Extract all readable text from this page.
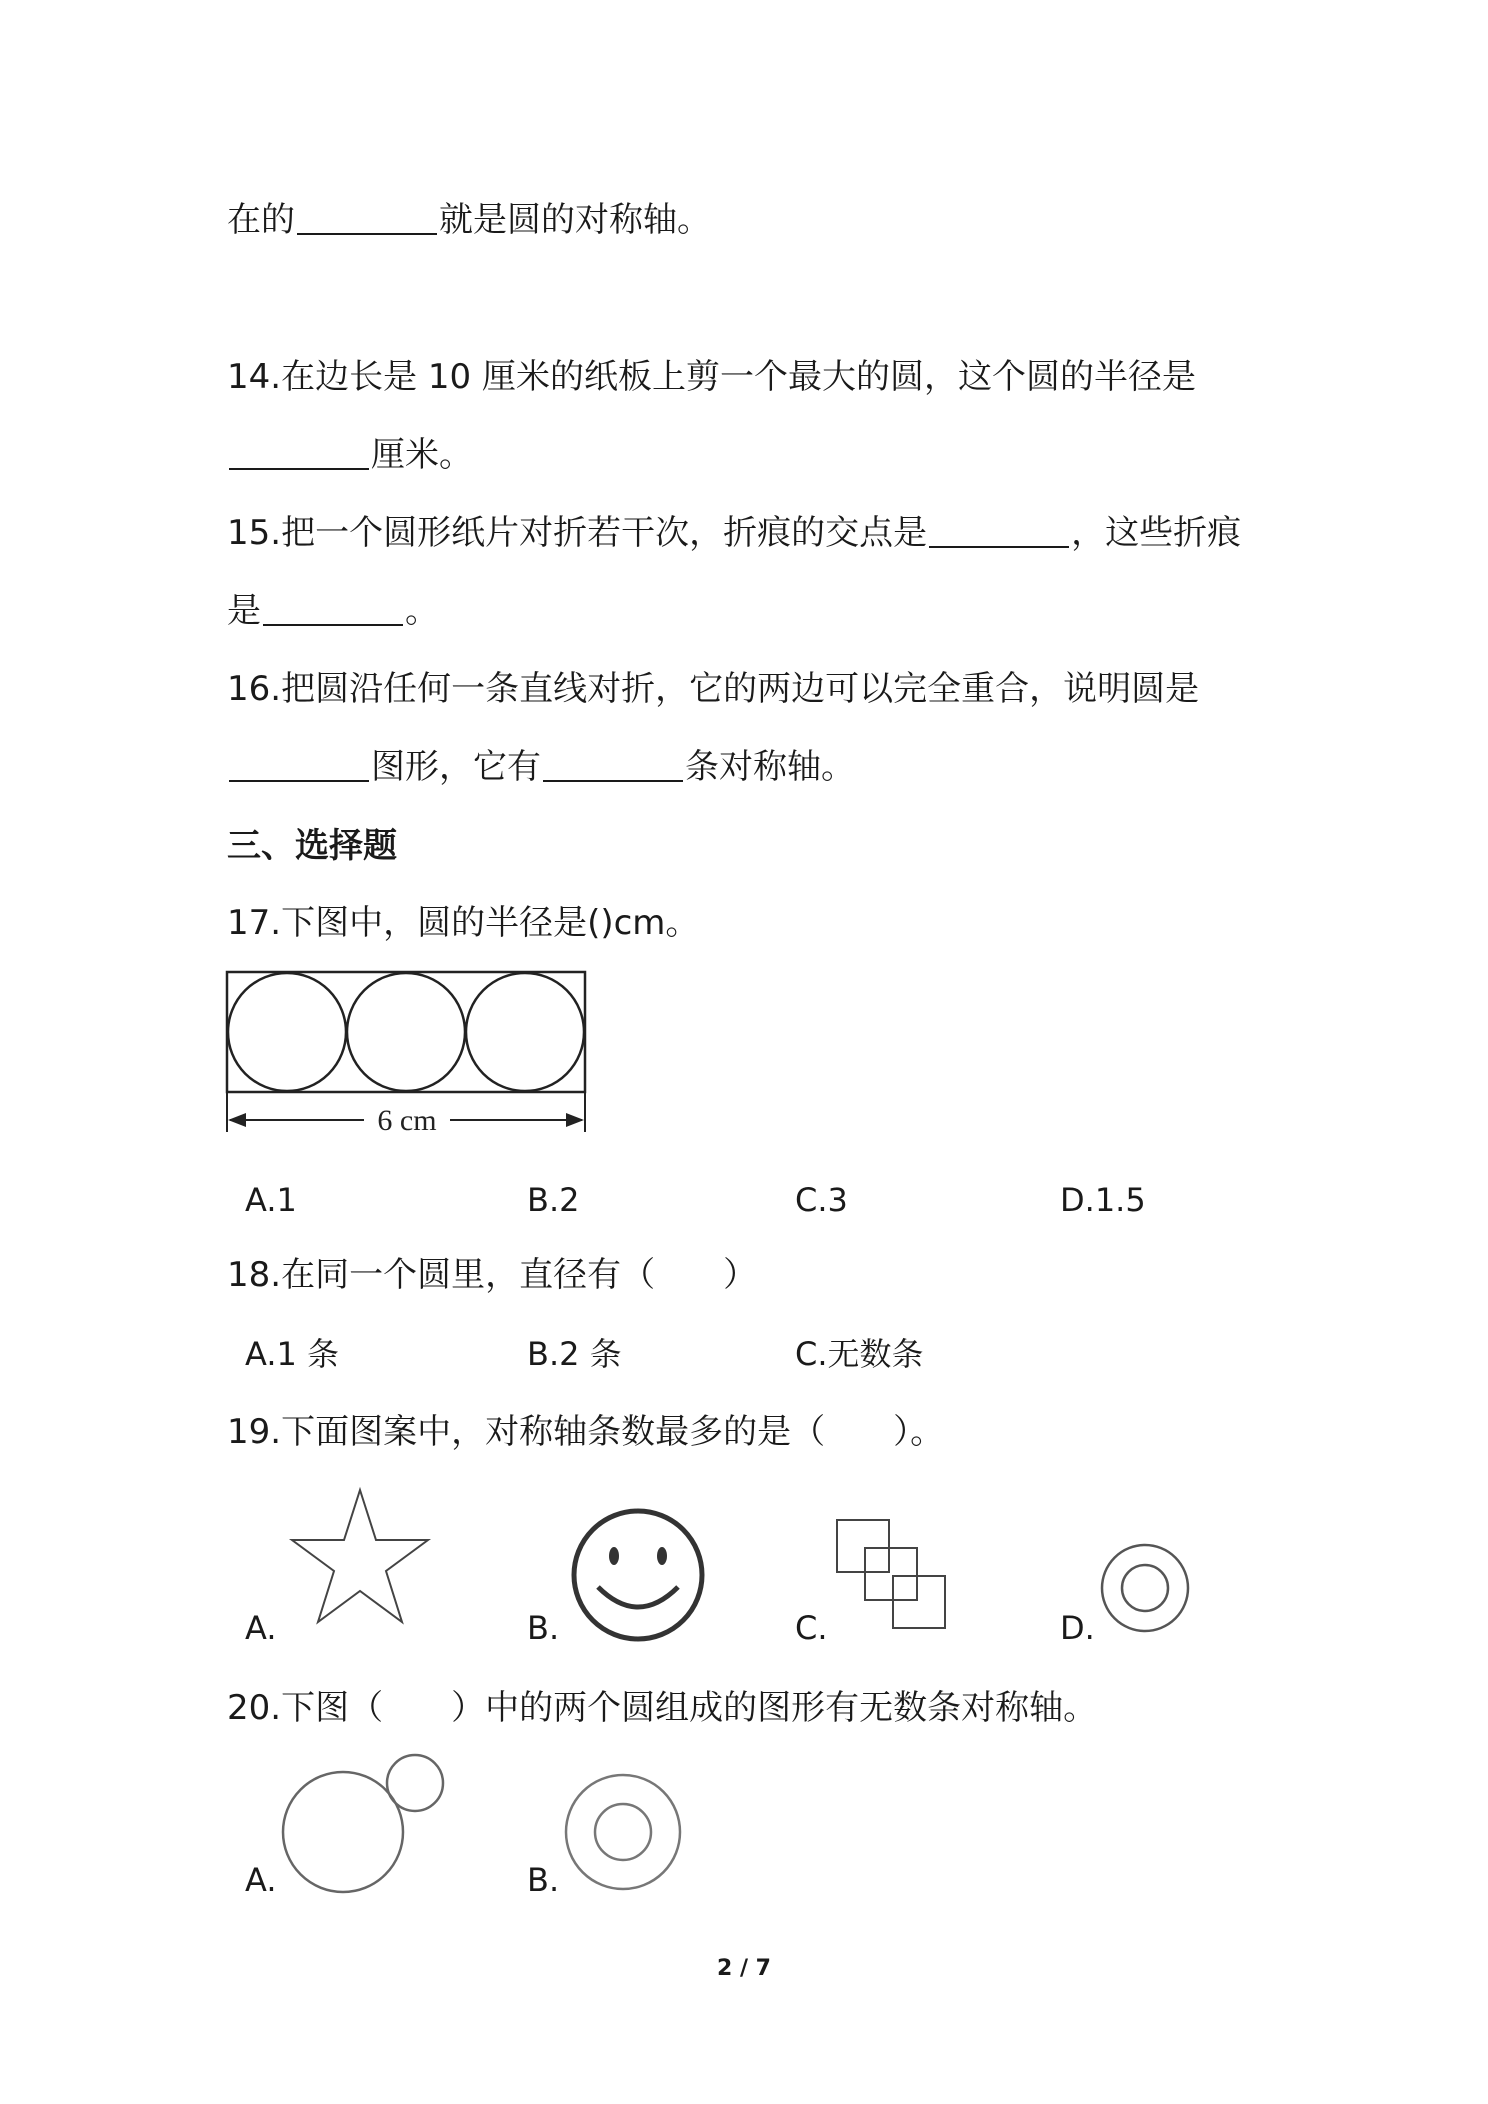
在的	就是圆的对称轴。
14.在边长是 10 厘米的纸板上剪一个最大的圆，这个圆的半径是
厘米。
15.把一个圆形纸片对折若干次，折痕的交点是	，这些折痕
是	。
16.把圆沿任何一条直线对折，它的两边可以完全重合，说明圆是
图形，它有	条对称轴。
三、选择题
17.下图中，圆的半径是()cm。
6 cm
A.1	B.2	C.3	D.1.5
18.在同一个圆里，直径有（　　）
A.1 条	B.2 条	C.无数条
19.下面图案中，对称轴条数最多的是（　　）。
A.	B.	C.	D.
20.下图（　　）中的两个圆组成的图形有无数条对称轴。
A.	B.
2 / 7
